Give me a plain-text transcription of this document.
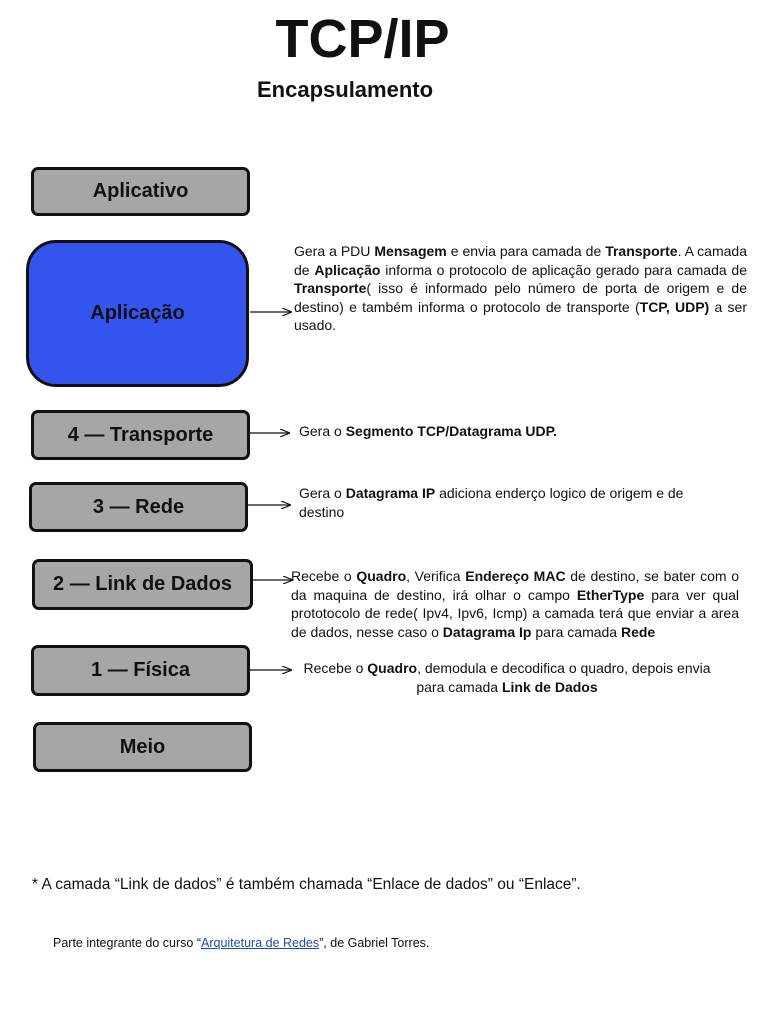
TCP/IP
Encapsulamento
Aplicativo
Aplicação
4 — Transporte
3 — Rede
2 — Link de Dados
1 — Física
Meio
Gera a PDU Mensagem e envia para camada de Transporte. A camada de Aplicação informa o protocolo de aplicação gerado para camada de Transporte( isso é informado pelo número de porta de origem e de destino) e também informa o protocolo de transporte (TCP, UDP) a ser usado.
Gera o Segmento TCP/Datagrama UDP.
Gera o Datagrama IP adiciona enderço logico de origem e de destino
Recebe o Quadro, Verifica Endereço MAC de destino, se bater com o da maquina de destino, irá olhar o campo EtherType para ver qual prototocolo de rede( Ipv4, Ipv6, Icmp) a camada terá que enviar a area de dados, nesse caso o Datagrama Ip para camada Rede
Recebe o Quadro, demodula e decodifica o quadro, depois envia
para camada Link de Dados
* A camada “Link de dados” é também chamada “Enlace de dados” ou “Enlace”.
Parte integrante do curso “Arquitetura de Redes”, de Gabriel Torres.
